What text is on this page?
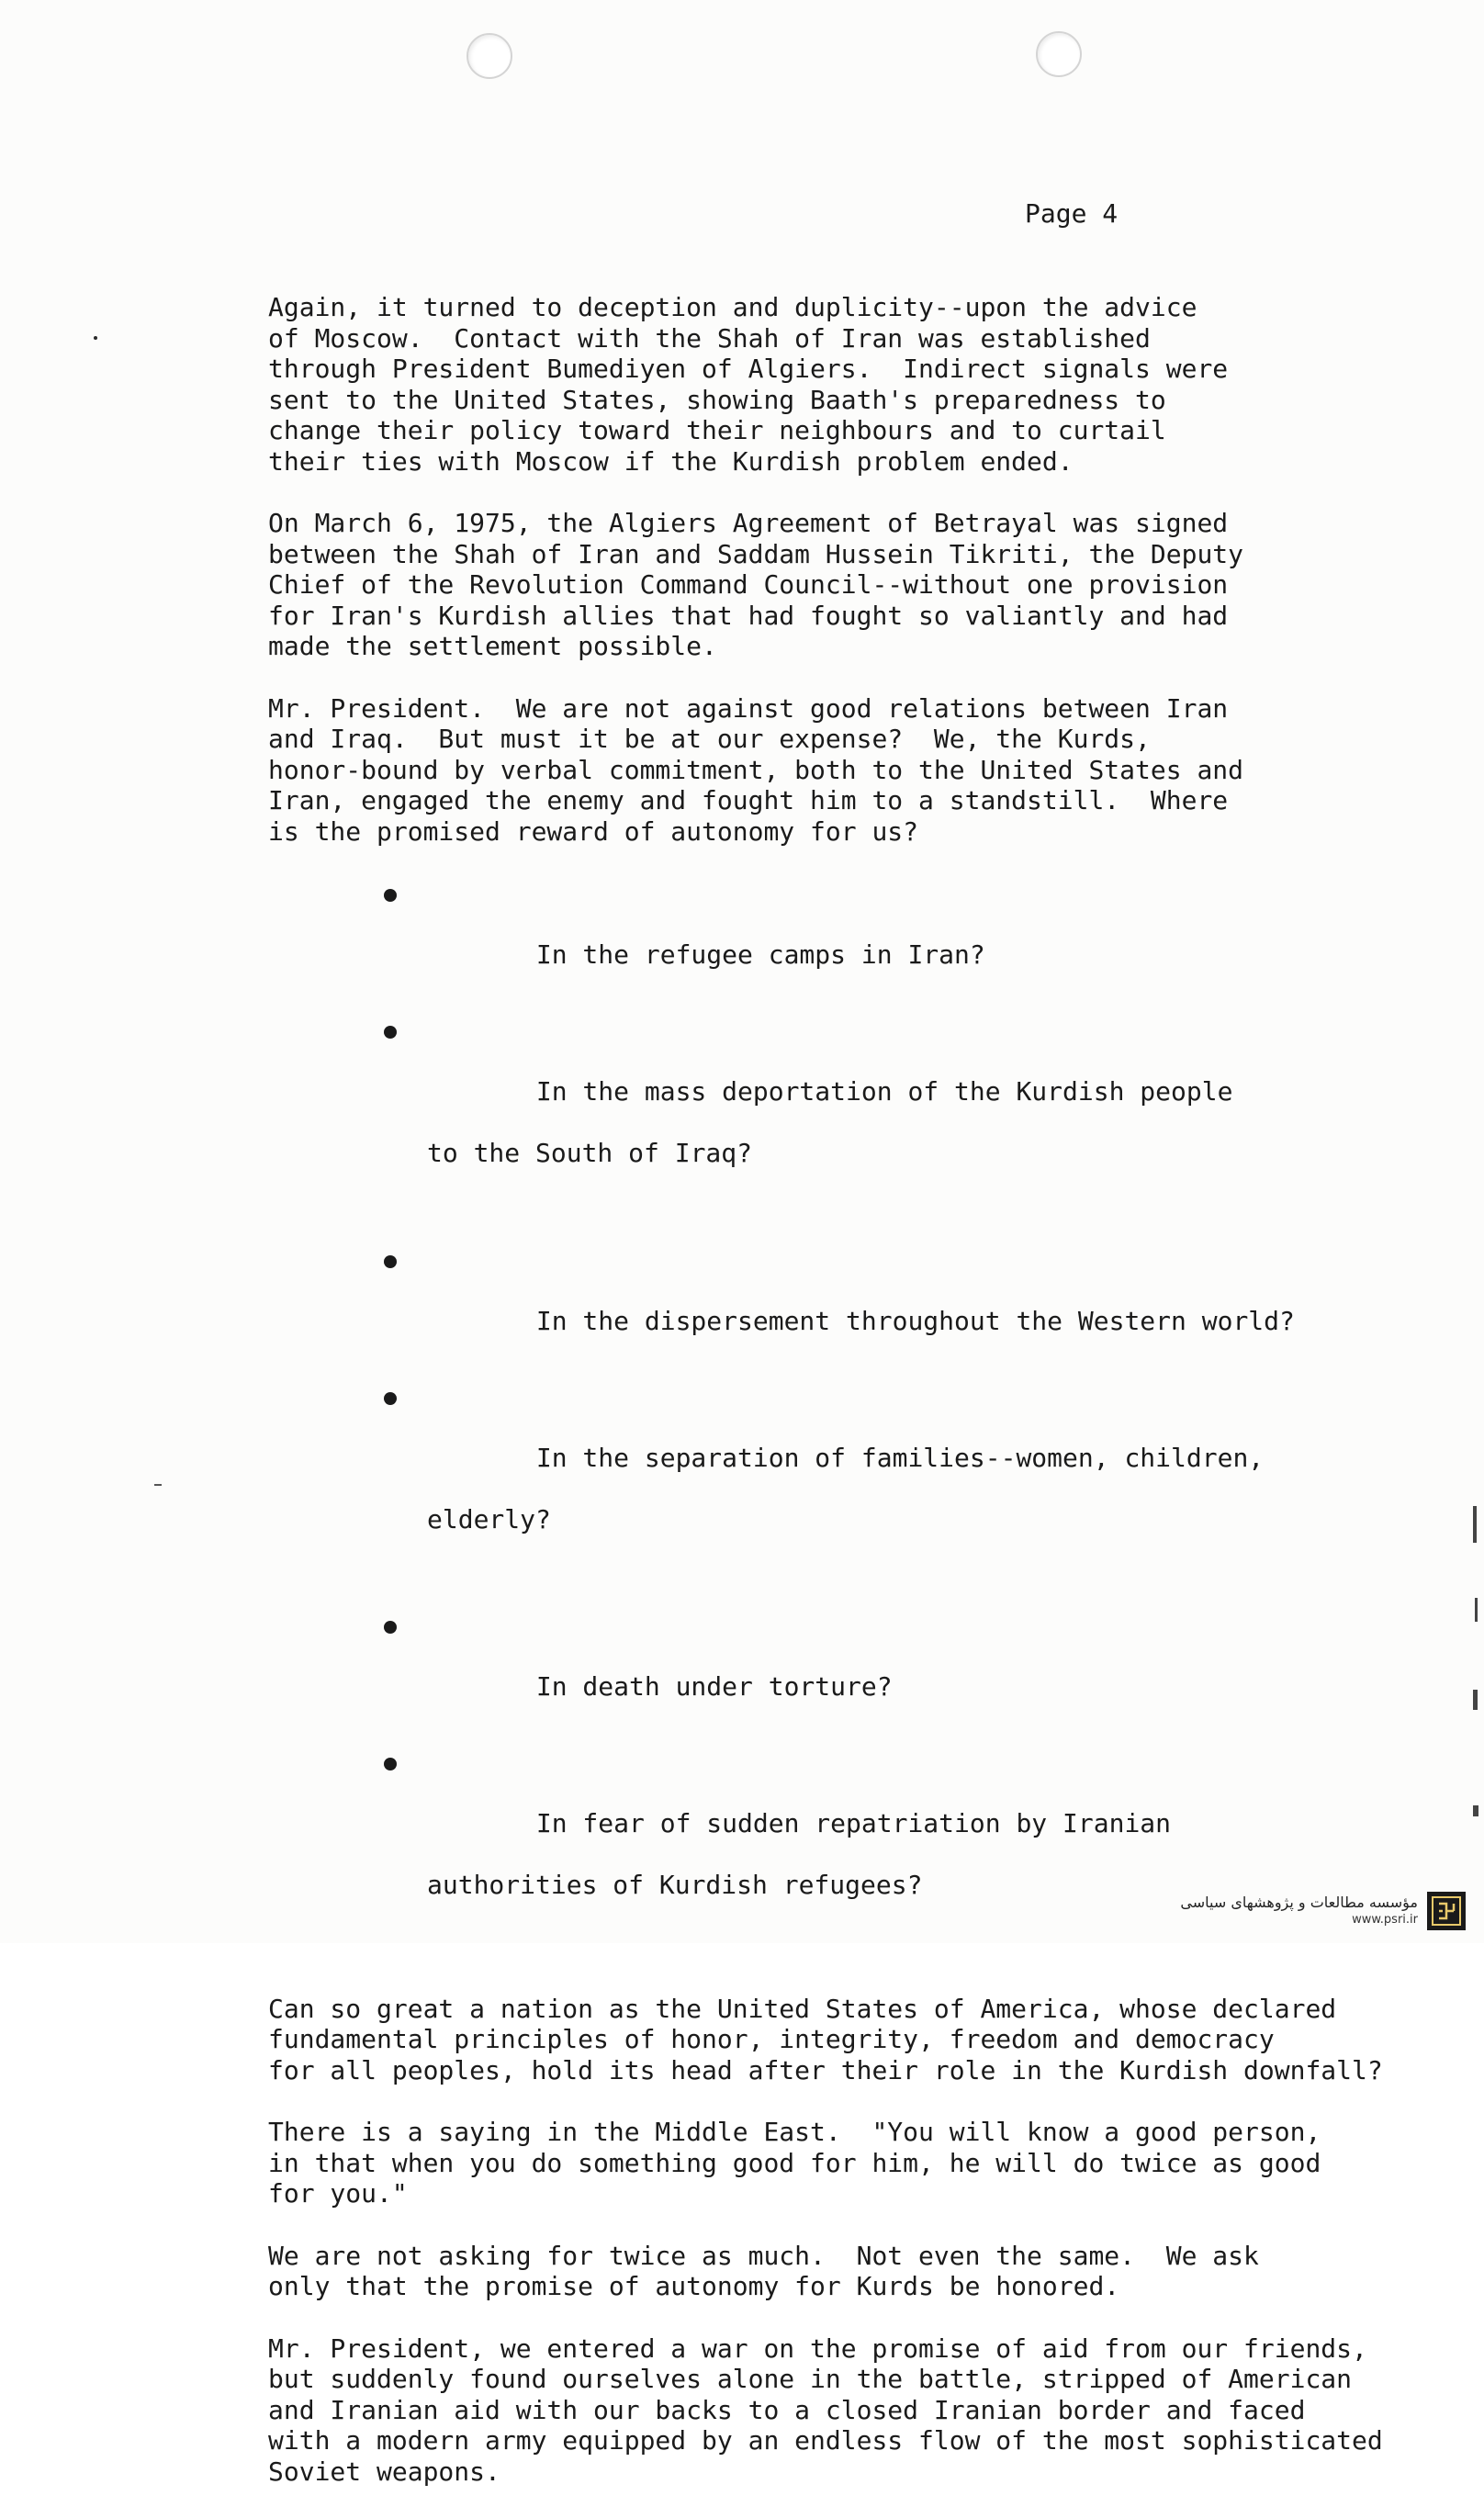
Page 4

Again, it turned to deception and duplicity--upon the advice
of Moscow.  Contact with the Shah of Iran was established
through President Bumediyen of Algiers.  Indirect signals were
sent to the United States, showing Baath's preparedness to
change their policy toward their neighbours and to curtail
their ties with Moscow if the Kurdish problem ended.

On March 6, 1975, the Algiers Agreement of Betrayal was signed
between the Shah of Iran and Saddam Hussein Tikriti, the Deputy
Chief of the Revolution Command Council--without one provision
for Iran's Kurdish allies that had fought so valiantly and had
made the settlement possible.

Mr. President.  We are not against good relations between Iran
and Iraq.  But must it be at our expense?  We, the Kurds,
honor-bound by verbal commitment, both to the United States and
Iran, engaged the enemy and fought him to a standstill.  Where
is the promised reward of autonomy for us?

In the refugee camps in Iran?

In the mass deportation of the Kurdish people

to the South of Iraq?

In the dispersement throughout the Western world?

In the separation of families--women, children,

elderly?

In death under torture?

In fear of sudden repatriation by Iranian

authorities of Kurdish refugees?

Can so great a nation as the United States of America, whose declared
fundamental principles of honor, integrity, freedom and democracy
for all peoples, hold its head after their role in the Kurdish downfall?

There is a saying in the Middle East.  "You will know a good person,
in that when you do something good for him, he will do twice as good
for you."

We are not asking for twice as much.  Not even the same.  We ask
only that the promise of autonomy for Kurds be honored.

Mr. President, we entered a war on the promise of aid from our friends,
but suddenly found ourselves alone in the battle, stripped of American
and Iranian aid with our backs to a closed Iranian border and faced
with a modern army equipped by an endless flow of the most sophisticated
Soviet weapons.

مؤسسه مطالعات و پژوهشهای سیاسی
www.psri.ir
